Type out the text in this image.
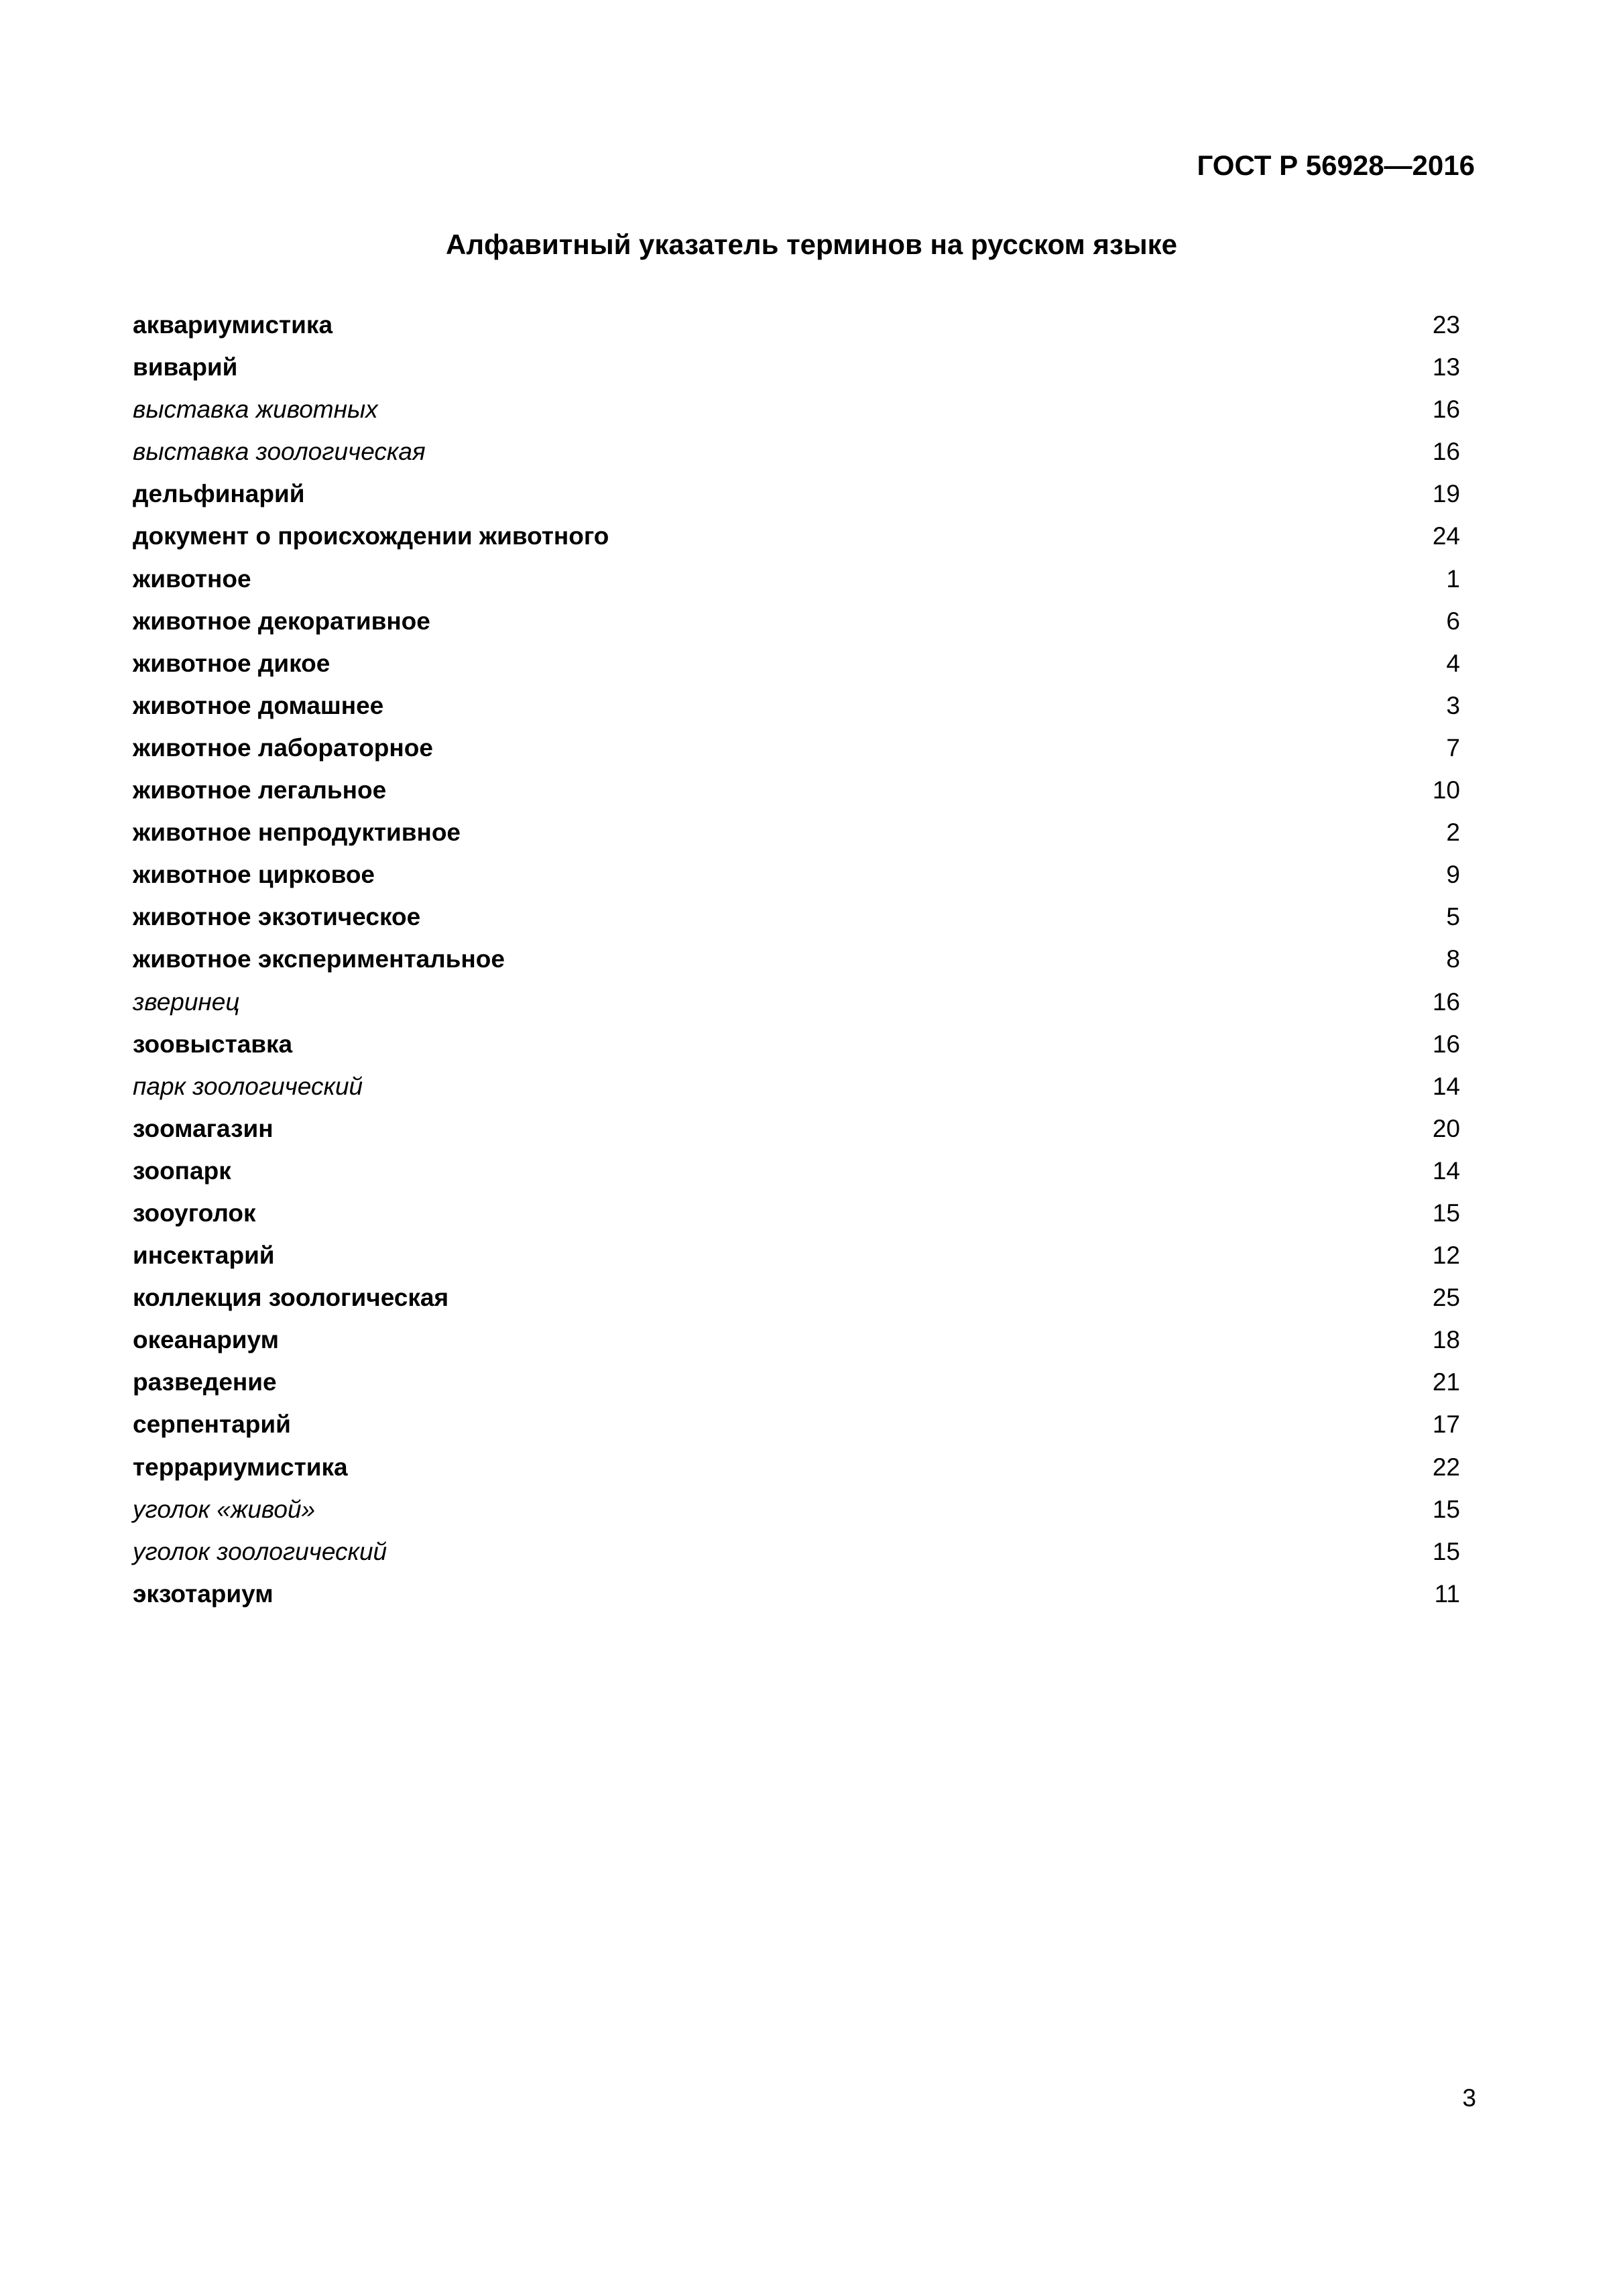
ГОСТ Р 56928—2016
Алфавитный указатель терминов на русском языке
аквариумистика	23
виварий	13
выставка животных	16
выставка зоологическая	16
дельфинарий	19
документ о происхождении животного	24
животное	1
животное декоративное	6
животное дикое	4
животное домашнее	3
животное лабораторное	7
животное легальное	10
животное непродуктивное	2
животное цирковое	9
животное экзотическое	5
животное экспериментальное	8
зверинец	16
зоовыставка	16
парк зоологический	14
зоомагазин	20
зоопарк	14
зооуголок	15
инсектарий	12
коллекция зоологическая	25
океанариум	18
разведение	21
серпентарий	17
террариумистика	22
уголок «живой»	15
уголок зоологический	15
экзотариум	11
3
